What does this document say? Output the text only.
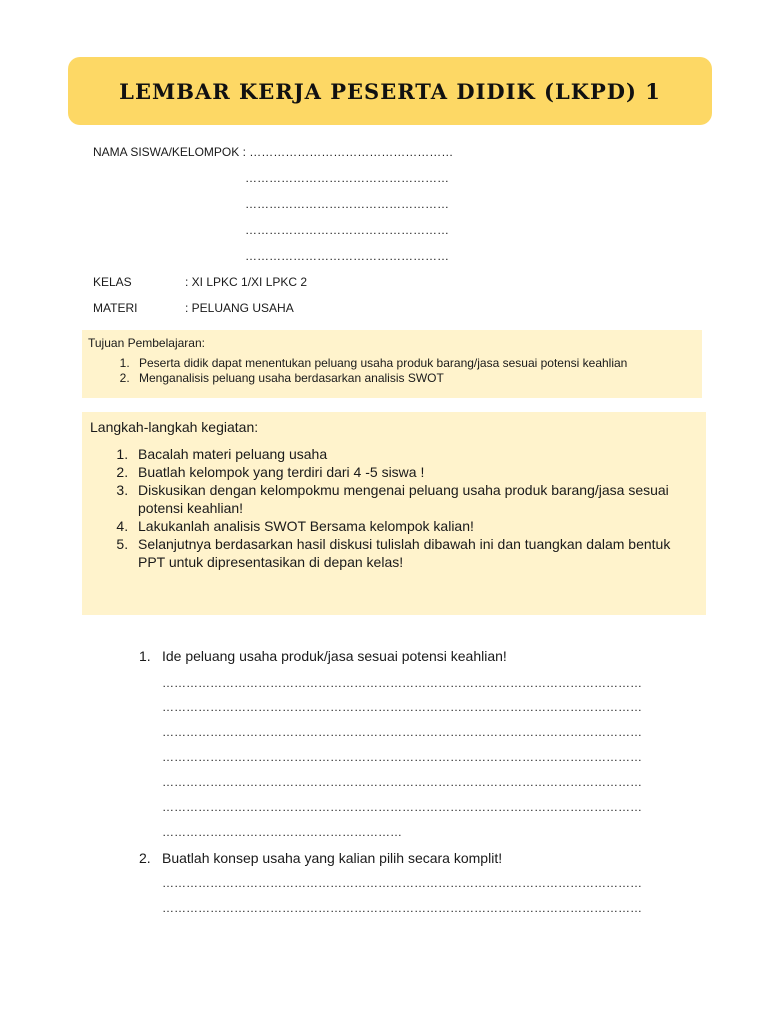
LEMBAR KERJA PESERTA DIDIK (LKPD) 1
NAMA SISWA/KELOMPOK : ……………………………………………
……………………………………………
……………………………………………
……………………………………………
……………………………………………
KELAS	: XI LPKC 1/XI LPKC 2
MATERI	: PELUANG USAHA
Tujuan Pembelajaran:
1. Peserta didik dapat menentukan peluang usaha produk barang/jasa sesuai potensi keahlian
2. Menganalisis peluang usaha berdasarkan analisis SWOT
Langkah-langkah kegiatan:
1. Bacalah materi peluang usaha
2. Buatlah kelompok yang terdiri dari 4 -5 siswa !
3. Diskusikan dengan kelompokmu mengenai peluang usaha produk barang/jasa sesuai potensi keahlian!
4. Lakukanlah analisis SWOT Bersama kelompok kalian!
5. Selanjutnya berdasarkan hasil diskusi tulislah dibawah ini dan tuangkan dalam bentuk PPT untuk dipresentasikan di depan kelas!
1. Ide peluang usaha produk/jasa sesuai potensi keahlian!
…………………………………………………………………………………………………………
…………………………………………………………………………………………………………
…………………………………………………………………………………………………………
…………………………………………………………………………………………………………
…………………………………………………………………………………………………………
…………………………………………………………………………………………………………
……………………………………………………
2. Buatlah konsep usaha yang kalian pilih secara komplit!
…………………………………………………………………………………………………………
…………………………………………………………………………………………………………
